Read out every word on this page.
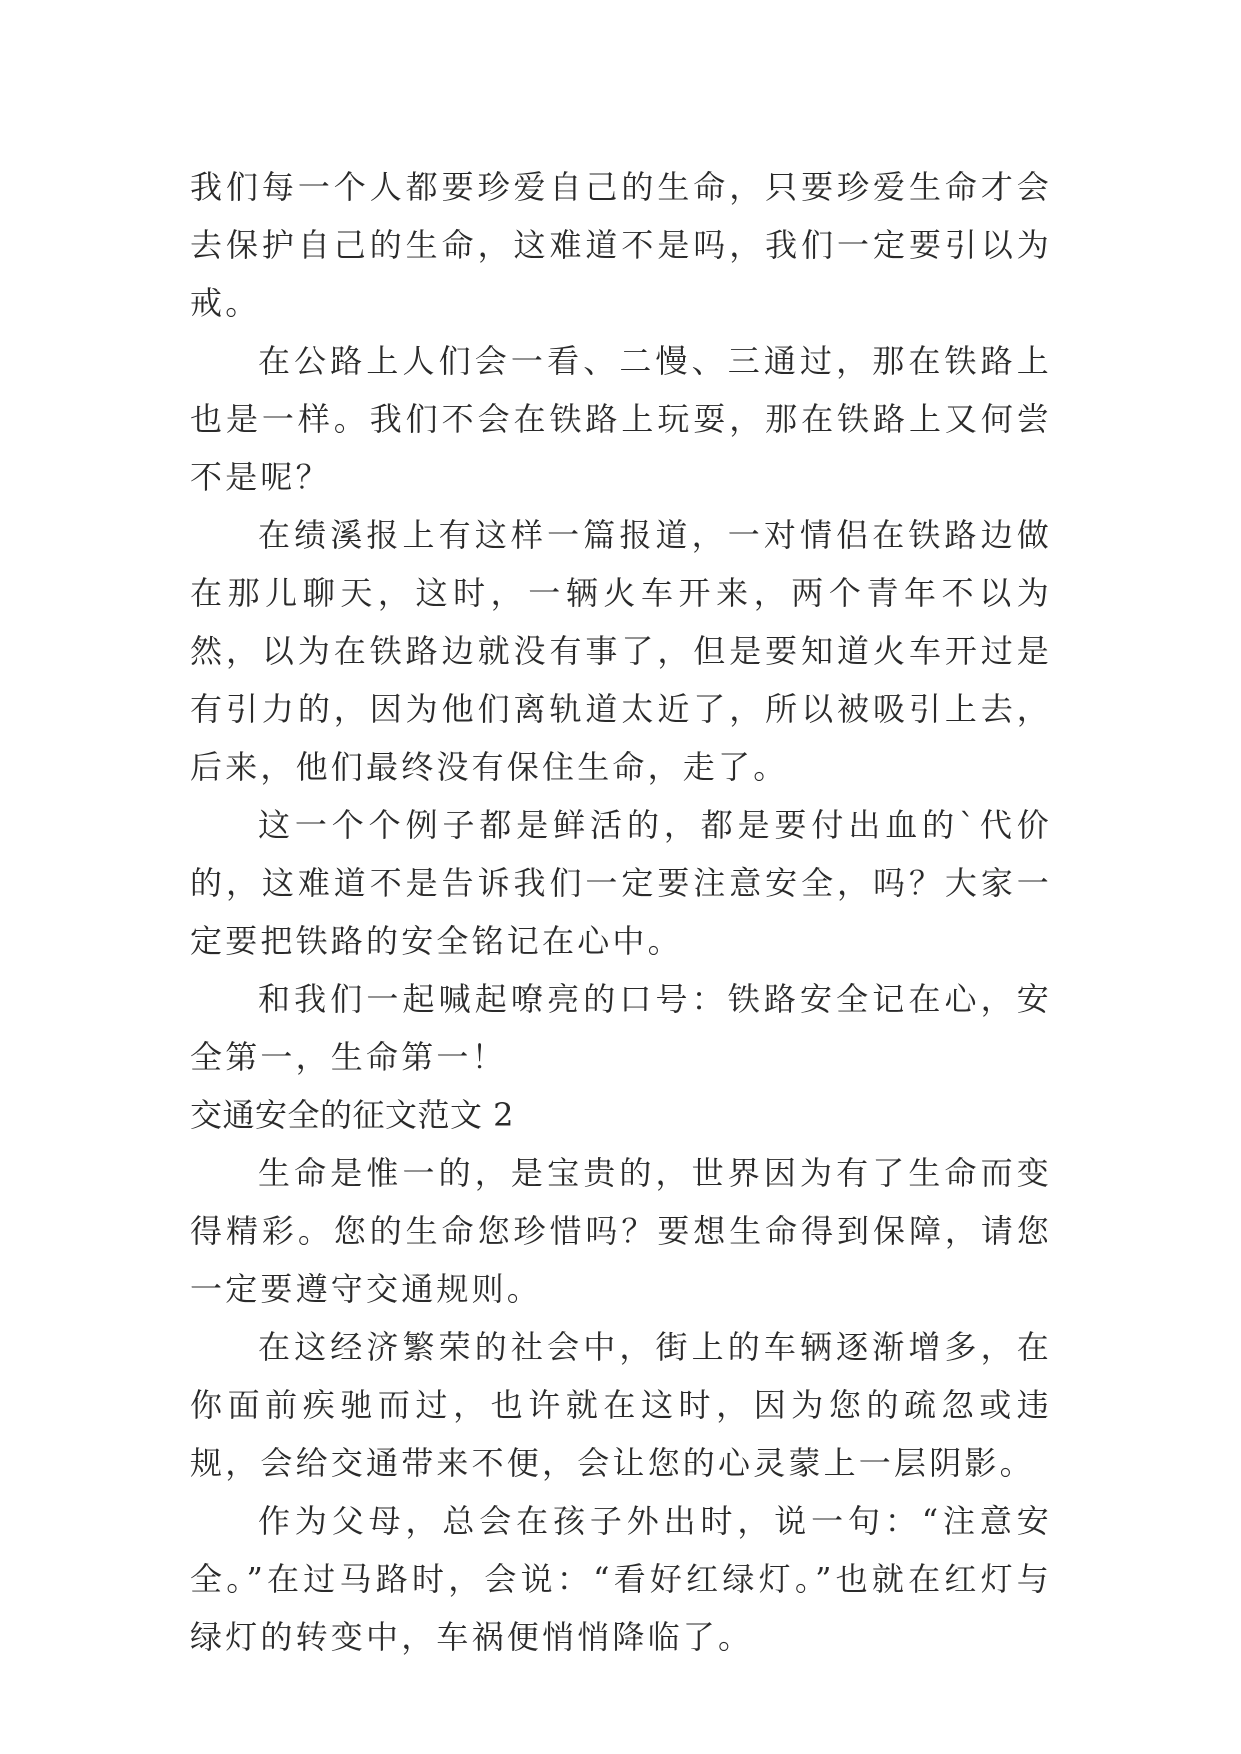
我们每一个人都要珍爱自己的生命，只要珍爱生命才会去保护自己的生命，这难道不是吗，我们一定要引以为戒。

在公路上人们会一看、二慢、三通过，那在铁路上也是一样。我们不会在铁路上玩耍，那在铁路上又何尝不是呢？

在绩溪报上有这样一篇报道，一对情侣在铁路边做在那儿聊天，这时，一辆火车开来，两个青年不以为然，以为在铁路边就没有事了，但是要知道火车开过是有引力的，因为他们离轨道太近了，所以被吸引上去，后来，他们最终没有保住生命，走了。

这一个个例子都是鲜活的，都是要付出血的`代价的，这难道不是告诉我们一定要注意安全，吗？大家一定要把铁路的安全铭记在心中。

和我们一起喊起嘹亮的口号：铁路安全记在心，安全第一，生命第一！

交通安全的征文范文 2

生命是惟一的，是宝贵的，世界因为有了生命而变得精彩。您的生命您珍惜吗？要想生命得到保障，请您一定要遵守交通规则。

在这经济繁荣的社会中，街上的车辆逐渐增多，在你面前疾驰而过，也许就在这时，因为您的疏忽或违规，会给交通带来不便，会让您的心灵蒙上一层阴影。

作为父母，总会在孩子外出时，说一句：“注意安全。”在过马路时，会说：“看好红绿灯。”也就在红灯与绿灯的转变中，车祸便悄悄降临了。
